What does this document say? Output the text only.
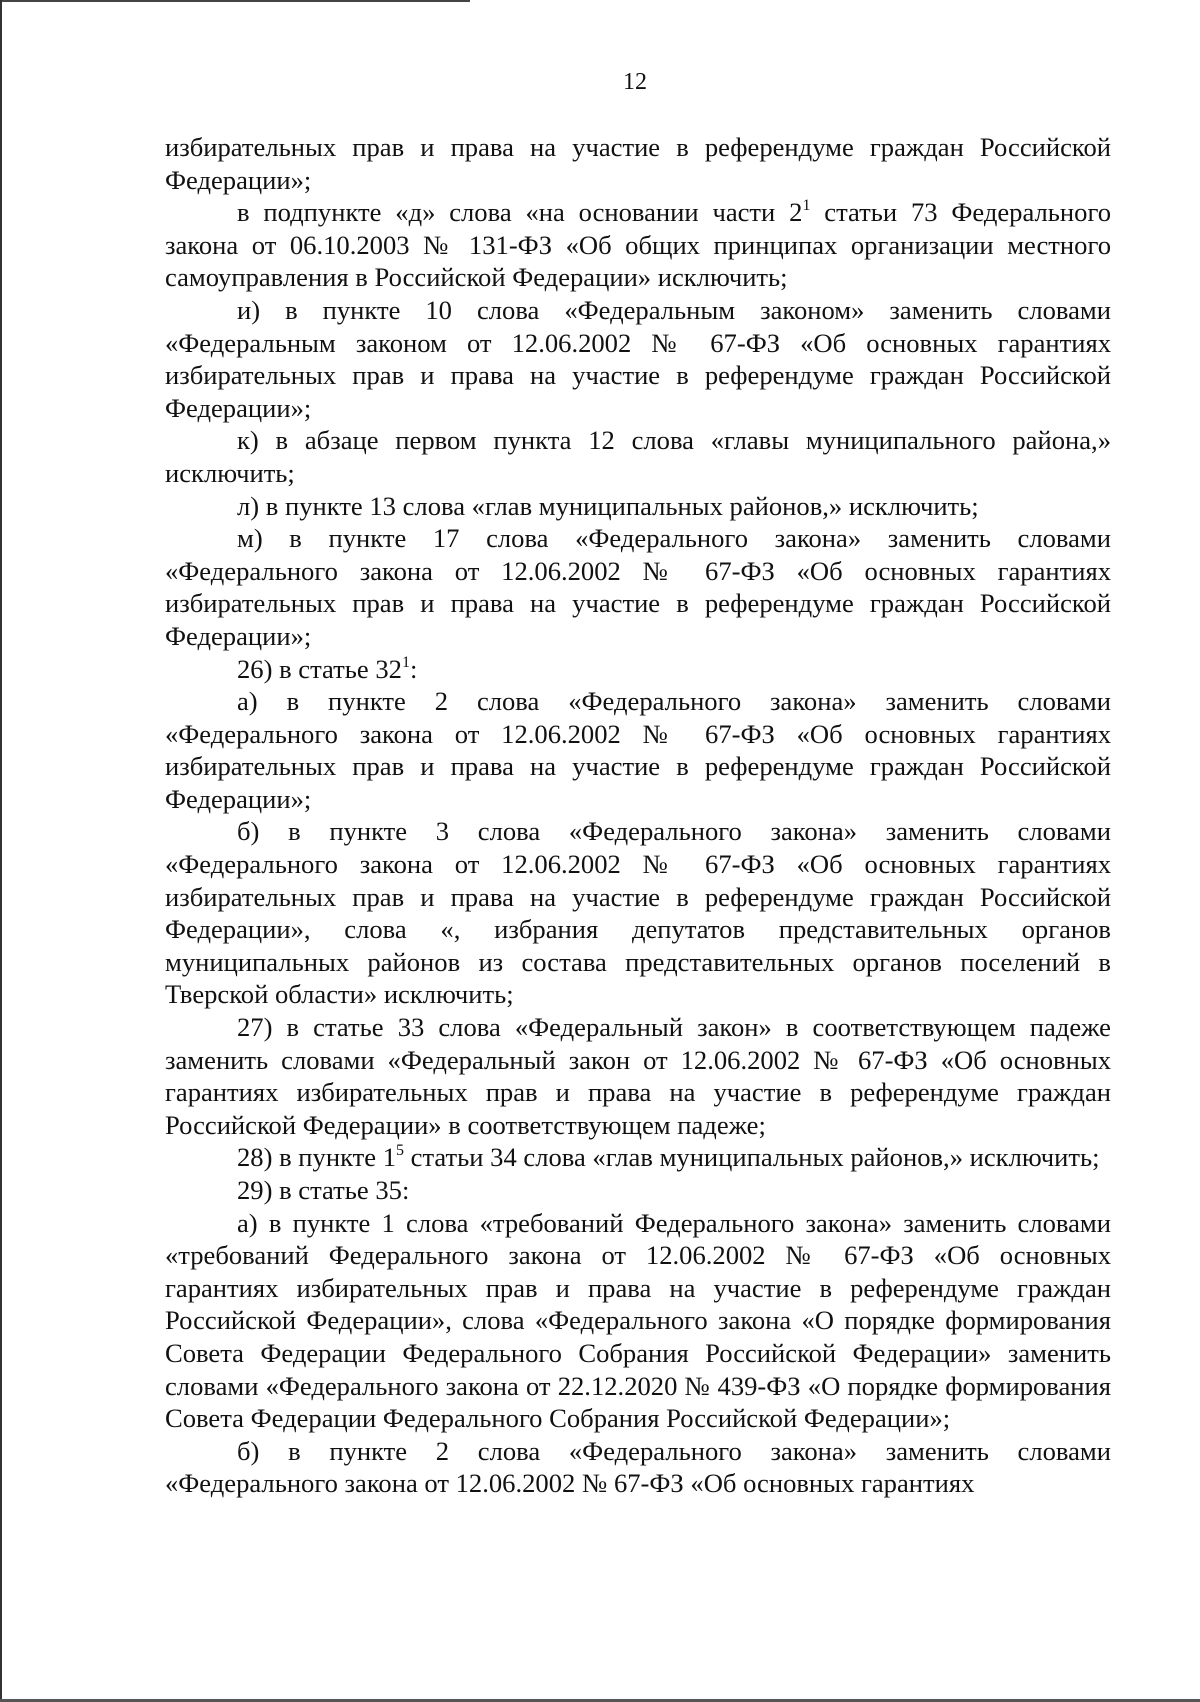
12

избирательных прав и права на участие в референдуме граждан Российской Федерации»;

в подпункте «д» слова «на основании части $2^1$ статьи 73 Федерального закона от 06.10.2003 № 131-ФЗ «Об общих принципах организации местного самоуправления в Российской Федерации» исключить;

и) в пункте 10 слова «Федеральным законом» заменить словами «Федеральным законом от 12.06.2002 № 67-ФЗ «Об основных гарантиях избирательных прав и права на участие в референдуме граждан Российской Федерации»;

к) в абзаце первом пункта 12 слова «главы муниципального района,» исключить;

л) в пункте 13 слова «глав муниципальных районов,» исключить;

м) в пункте 17 слова «Федерального закона» заменить словами «Федерального закона от 12.06.2002 № 67-ФЗ «Об основных гарантиях избирательных прав и права на участие в референдуме граждан Российской Федерации»;

26) в статье $32^1$:

а) в пункте 2 слова «Федерального закона» заменить словами «Федерального закона от 12.06.2002 № 67-ФЗ «Об основных гарантиях избирательных прав и права на участие в референдуме граждан Российской Федерации»;

б) в пункте 3 слова «Федерального закона» заменить словами «Федерального закона от 12.06.2002 № 67-ФЗ «Об основных гарантиях избирательных прав и права на участие в референдуме граждан Российской Федерации», слова «, избрания депутатов представительных органов муниципальных районов из состава представительных органов поселений в Тверской области» исключить;

27) в статье 33 слова «Федеральный закон» в соответствующем падеже заменить словами «Федеральный закон от 12.06.2002 № 67-ФЗ «Об основных гарантиях избирательных прав и права на участие в референдуме граждан Российской Федерации» в соответствующем падеже;

28) в пункте $1^5$ статьи 34 слова «глав муниципальных районов,» исключить;

29) в статье 35:

а) в пункте 1 слова «требований Федерального закона» заменить словами «требований Федерального закона от 12.06.2002 № 67-ФЗ «Об основных гарантиях избирательных прав и права на участие в референдуме граждан Российской Федерации», слова «Федерального закона «О порядке формирования Совета Федерации Федерального Собрания Российской Федерации» заменить словами «Федерального закона от 22.12.2020 № 439-ФЗ «О порядке формирования Совета Федерации Федерального Собрания Российской Федерации»;

б) в пункте 2 слова «Федерального закона» заменить словами «Федерального закона от 12.06.2002 № 67-ФЗ «Об основных гарантиях
